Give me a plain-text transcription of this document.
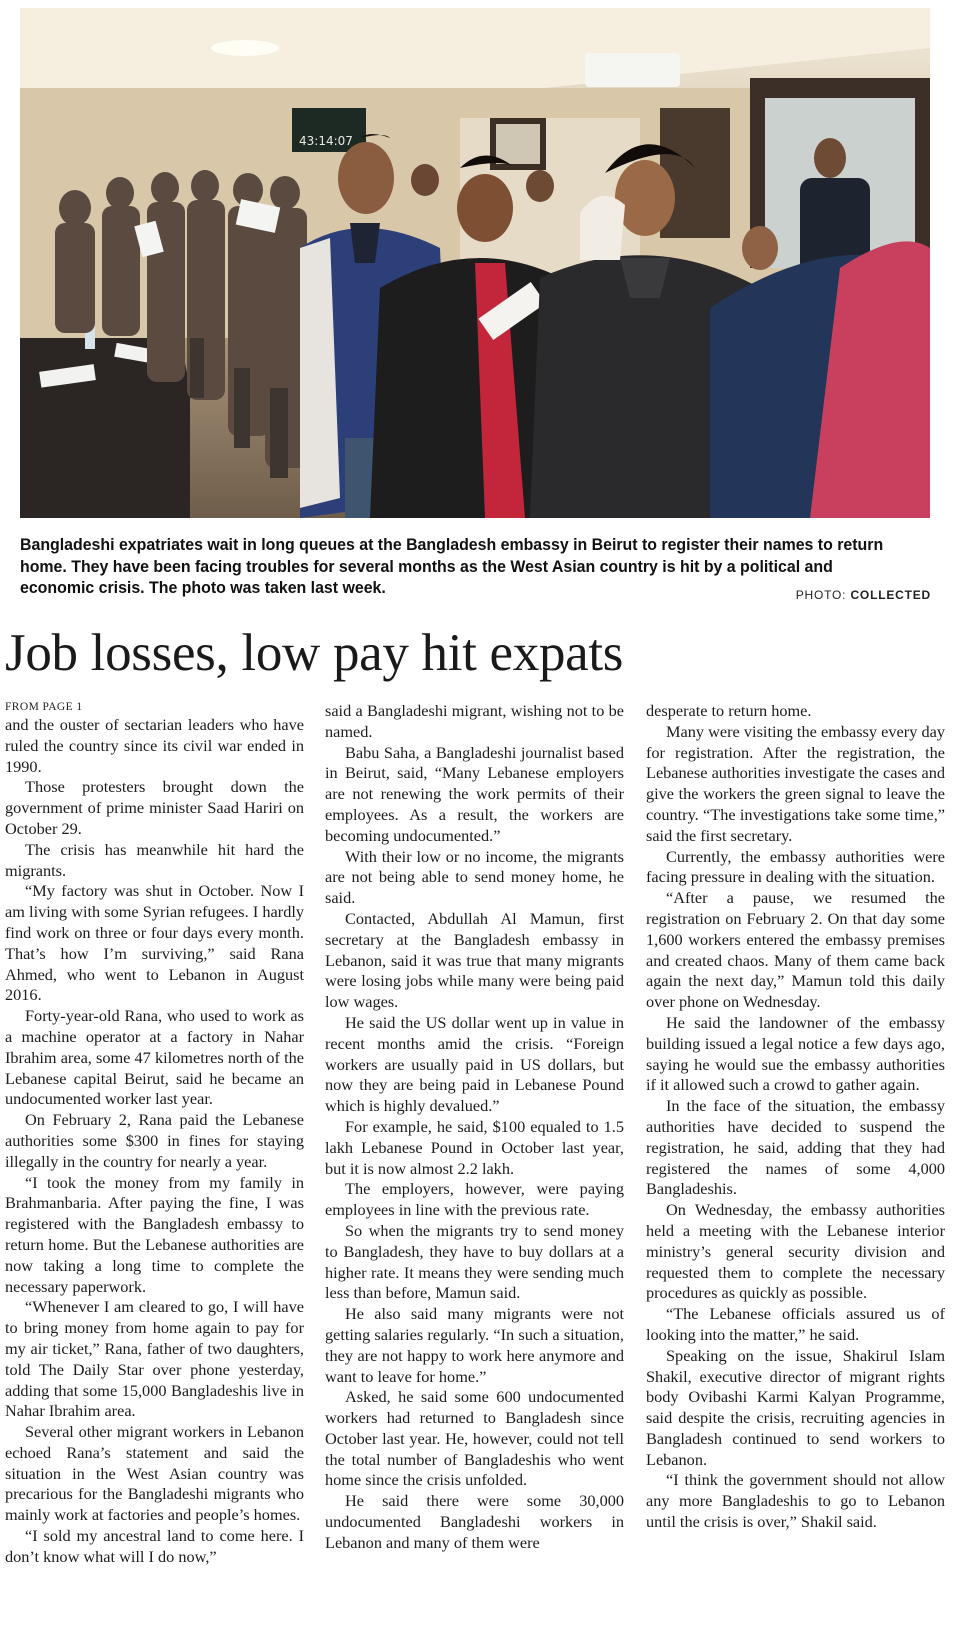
43:14:07
Bangladeshi expatriates wait in long queues at the Bangladesh embassy in Beirut to register their names to return home. They have been facing troubles for several months as the West Asian country is hit by a political and economic crisis. The photo was taken last week.	PHOTO: COLLECTED
Job losses, low pay hit expats
FROM PAGE 1

and the ouster of sectarian leaders who have ruled the country since its civil war ended in 1990.

Those protesters brought down the government of prime minister Saad Hariri on October 29.

The crisis has meanwhile hit hard the migrants.

“My factory was shut in October. Now I am living with some Syrian refugees. I hardly find work on three or four days every month. That’s how I’m surviving,” said Rana Ahmed, who went to Lebanon in August 2016.

Forty-year-old Rana, who used to work as a machine operator at a factory in Nahar Ibrahim area, some 47 kilometres north of the Lebanese capital Beirut, said he became an undocumented worker last year.

On February 2, Rana paid the Lebanese authorities some $300 in fines for staying illegally in the country for nearly a year.

“I took the money from my family in Brahmanbaria. After paying the fine, I was registered with the Bangladesh embassy to return home. But the Lebanese authorities are now taking a long time to complete the necessary paperwork.

“Whenever I am cleared to go, I will have to bring money from home again to pay for my air ticket,” Rana, father of two daughters, told The Daily Star over phone yesterday, adding that some 15,000 Bangladeshis live in Nahar Ibrahim area.

Several other migrant workers in Lebanon echoed Rana’s statement and said the situation in the West Asian country was precarious for the Bangladeshi migrants who mainly work at factories and people’s homes.

“I sold my ancestral land to come here. I don’t know what will I do now,”

said a Bangladeshi migrant, wishing not to be named.

Babu Saha, a Bangladeshi journalist based in Beirut, said, “Many Lebanese employers are not renewing the work permits of their employees. As a result, the workers are becoming undocumented.”

With their low or no income, the migrants are not being able to send money home, he said.

Contacted, Abdullah Al Mamun, first secretary at the Bangladesh embassy in Lebanon, said it was true that many migrants were losing jobs while many were being paid low wages.

He said the US dollar went up in value in recent months amid the crisis. “Foreign workers are usually paid in US dollars, but now they are being paid in Lebanese Pound which is highly devalued.”

For example, he said, $100 equaled to 1.5 lakh Lebanese Pound in October last year, but it is now almost 2.2 lakh.

The employers, however, were paying employees in line with the previous rate.

So when the migrants try to send money to Bangladesh, they have to buy dollars at a higher rate. It means they were sending much less than before, Mamun said.

He also said many migrants were not getting salaries regularly. “In such a situation, they are not happy to work here anymore and want to leave for home.”

Asked, he said some 600 undocumented workers had returned to Bangladesh since October last year. He, however, could not tell the total number of Bangladeshis who went home since the crisis unfolded.

He said there were some 30,000 undocumented Bangladeshi workers in Lebanon and many of them were

desperate to return home.

Many were visiting the embassy every day for registration. After the registration, the Lebanese authorities investigate the cases and give the workers the green signal to leave the country. “The investigations take some time,” said the first secretary.

Currently, the embassy authorities were facing pressure in dealing with the situation.

“After a pause, we resumed the registration on February 2. On that day some 1,600 workers entered the embassy premises and created chaos. Many of them came back again the next day,” Mamun told this daily over phone on Wednesday.

He said the landowner of the embassy building issued a legal notice a few days ago, saying he would sue the embassy authorities if it allowed such a crowd to gather again.

In the face of the situation, the embassy authorities have decided to suspend the registration, he said, adding that they had registered the names of some 4,000 Bangladeshis.

On Wednesday, the embassy authorities held a meeting with the Lebanese interior ministry’s general security division and requested them to complete the necessary procedures as quickly as possible.

“The Lebanese officials assured us of looking into the matter,” he said.

Speaking on the issue, Shakirul Islam Shakil, executive director of migrant rights body Ovibashi Karmi Kalyan Programme, said despite the crisis, recruiting agencies in Bangladesh continued to send workers to Lebanon.

“I think the government should not allow any more Bangladeshis to go to Lebanon until the crisis is over,” Shakil said.
